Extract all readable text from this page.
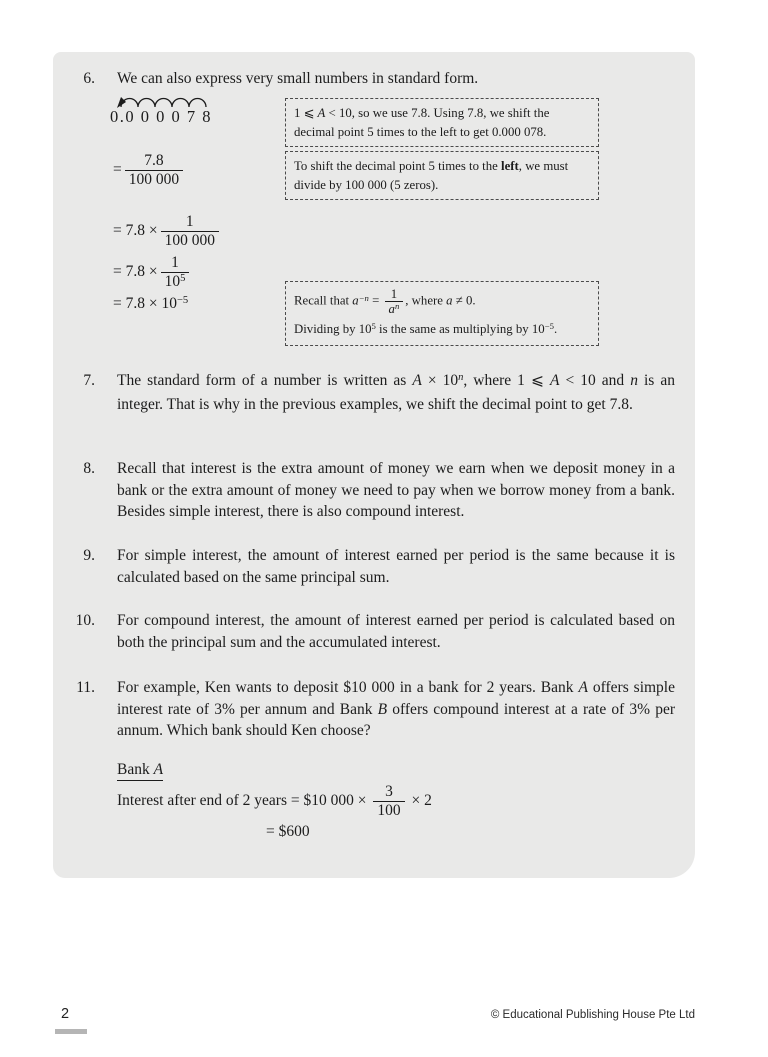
6. We can also express very small numbers in standard form.
0.0 0 0 0 7 8	1 ⩽ A < 10, so we use 7.8. Using 7.8, we shift the decimal point 5 times to the left to get 0.000 078.
= $\frac{7.8}{100 000}$	To shift the decimal point 5 times to the left, we must divide by 100 000 (5 zeros).
= $7.8 \times \frac{1}{100 000}$
= $7.8 \times \frac{1}{10^5}$
= $7.8 \times 10^{-5}$	Recall that $a^{-n} = \frac{1}{a^n}$ , where a ≠ 0.
Dividing by $10^5$ is the same as multiplying by $10^{-5}$.
7. The standard form of a number is written as $A \times 10^n$, where 1 ⩽ A < 10 and n is an integer. That is why in the previous examples, we shift the decimal point to get 7.8.
8. Recall that interest is the extra amount of money we earn when we deposit money in a bank or the extra amount of money we need to pay when we borrow money from a bank. Besides simple interest, there is also compound interest.
9. For simple interest, the amount of interest earned per period is the same because it is calculated based on the same principal sum.
10. For compound interest, the amount of interest earned per period is calculated based on both the principal sum and the accumulated interest.
11. For example, Ken wants to deposit $10 000 in a bank for 2 years. Bank A offers simple interest rate of 3% per annum and Bank B offers compound interest at a rate of 3% per annum. Which bank should Ken choose?
Bank A
Interest after end of 2 years = $10 $000 \times \frac{3}{100} \times 2$
= $600
2	© Educational Publishing House Pte Ltd
